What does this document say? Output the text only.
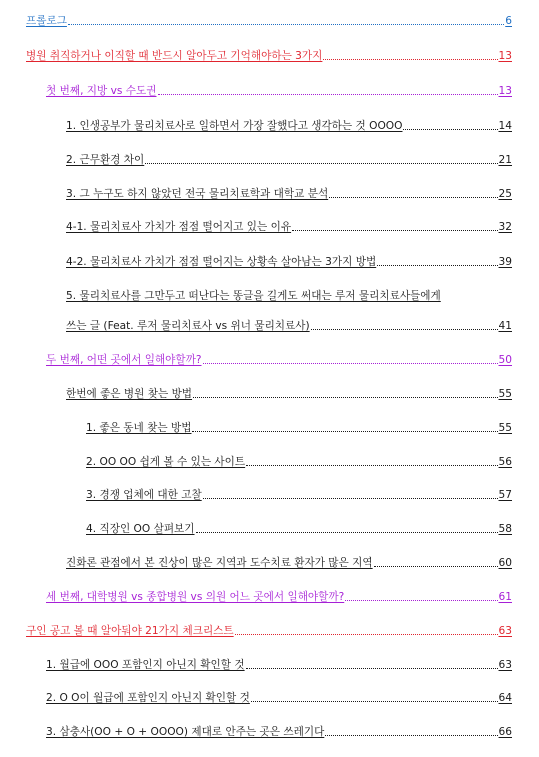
프롤로그	6
병원 취직하거나 이직할 때 반드시 알아두고 기억해야하는 3가지	13
첫 번째, 지방 vs 수도권	13
1. 인생공부가 물리치료사로 일하면서 가장 잘했다고 생각하는 것 OOOO	14
2. 근무환경 차이	21
3. 그 누구도 하지 않았던 전국 물리치료학과 대학교 분석	25
4-1. 물리치료사 가치가 점점 떨어지고 있는 이유	32
4-2. 물리치료사 가치가 점점 떨어지는 상황속 살아남는 3가지 방법	39
5. 물리치료사를 그만두고 떠난다는 똥글을 길게도 써대는 루저 물리치료사들에게
쓰는 글 (Feat. 루저 물리치료사 vs 위너 물리치료사)	41
두 번째, 어떤 곳에서 일해야할까?	50
한번에 좋은 병원 찾는 방법	55
1. 좋은 동네 찾는 방법	55
2. OO OO 쉽게 볼 수 있는 사이트	56
3. 경쟁 업체에 대한 고찰	57
4. 직장인 OO 살펴보기	58
진화론 관점에서 본 진상이 많은 지역과 도수치료 환자가 많은 지역	60
세 번째, 대학병원 vs 종합병원 vs 의원 어느 곳에서 일해야할까?	61
구인 공고 볼 때 알아둬야 21가지 체크리스트	63
1. 월급에 OOO 포함인지 아닌지 확인할 것	63
2. O O이 월급에 포함인지 아닌지 확인할 것	64
3. 삼충사(OO + O + OOOO) 제대로 안주는 곳은 쓰레기다	66
